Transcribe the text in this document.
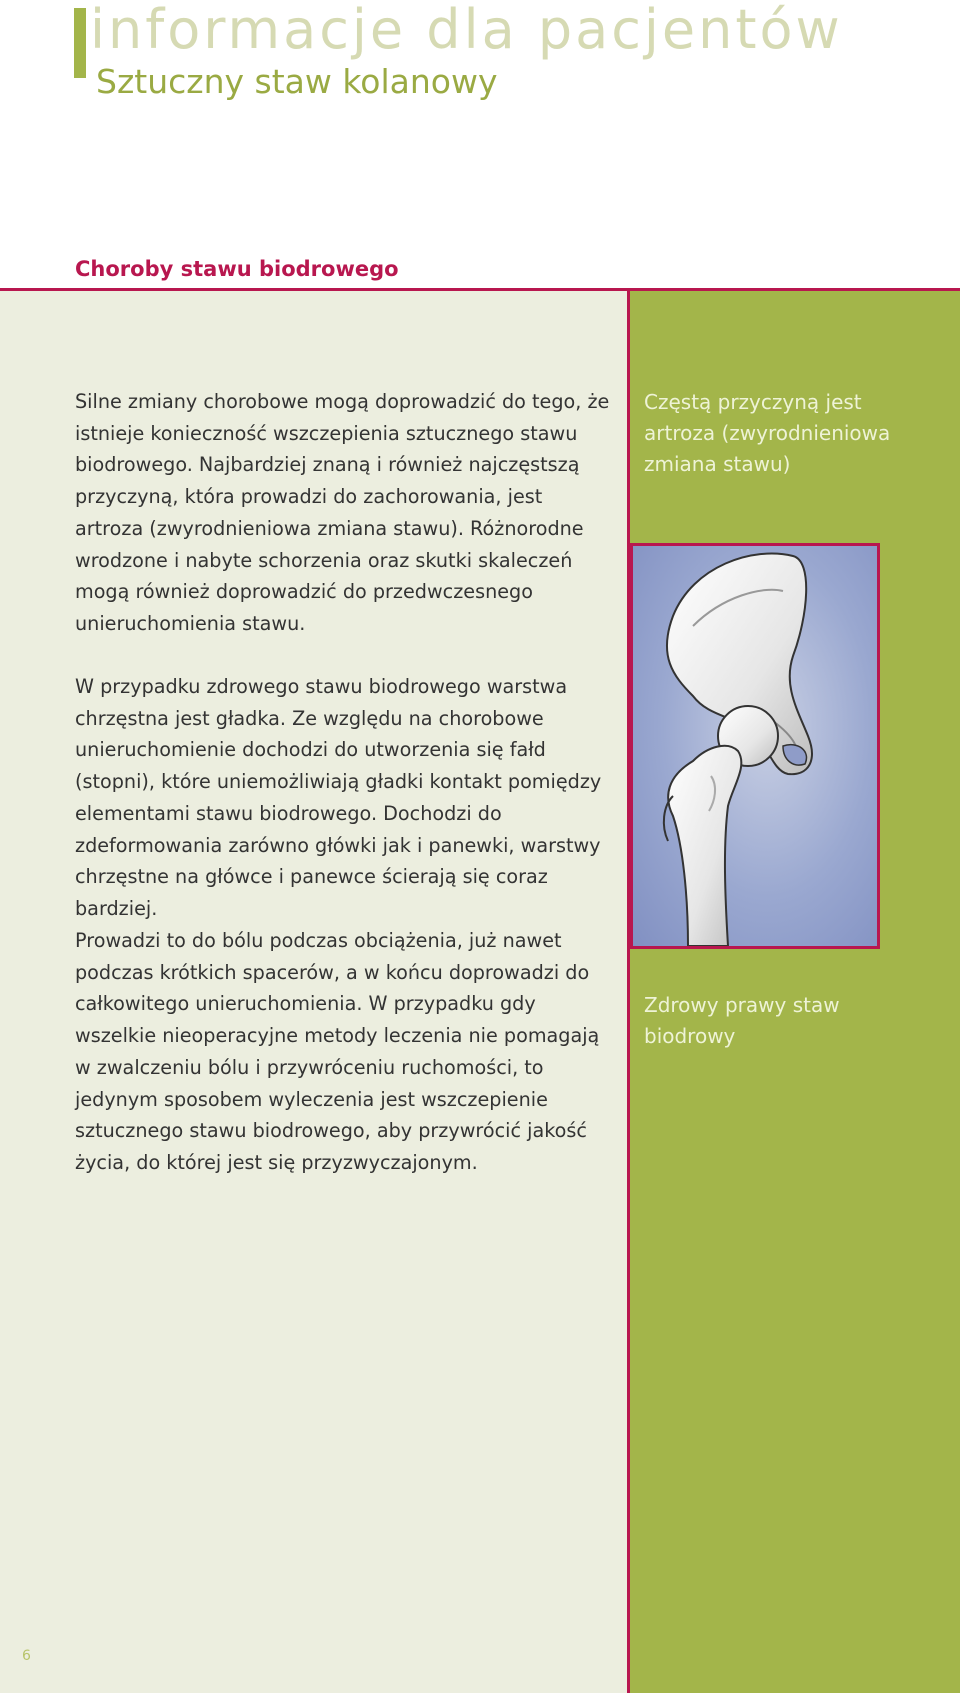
informacje dla pacjentów
Sztuczny staw kolanowy
Choroby stawu biodrowego

Silne zmiany chorobowe mogą doprowadzić do tego, że istnieje konieczność wszczepienia sztucznego stawu biodrowego. Najbardziej znaną i również najczęstszą przyczyną, która prowadzi do zachorowania, jest artroza (zwyrodnieniowa zmiana stawu). Różnorodne wrodzone i nabyte schorzenia oraz skutki skaleczeń mogą również doprowadzić do przedwczesnego unieruchomienia stawu.

W przypadku zdrowego stawu biodrowego warstwa chrzęstna jest gładka. Ze względu na chorobowe unieruchomienie dochodzi do utworzenia się fałd (stopni), które uniemożliwiają gładki kontakt pomiędzy elementami stawu biodrowego. Dochodzi do zdeformowania zarówno główki jak i panewki, warstwy chrzęstne na główce i panewce ścierają się coraz bardziej.

Prowadzi to do bólu podczas obciążenia, już nawet podczas krótkich spacerów, a w końcu doprowadzi do całkowitego unieruchomienia. W przypadku gdy wszelkie nieoperacyjne metody leczenia nie pomagają w zwalczeniu bólu i przywróceniu ruchomości, to jedynym sposobem wyleczenia jest wszczepienie sztucznego stawu biodrowego, aby przywrócić jakość życia, do której jest się przyzwyczajonym.

Częstą przyczyną jest artroza (zwyrodnieniowa zmiana stawu)

Zdrowy prawy staw biodrowy

6
